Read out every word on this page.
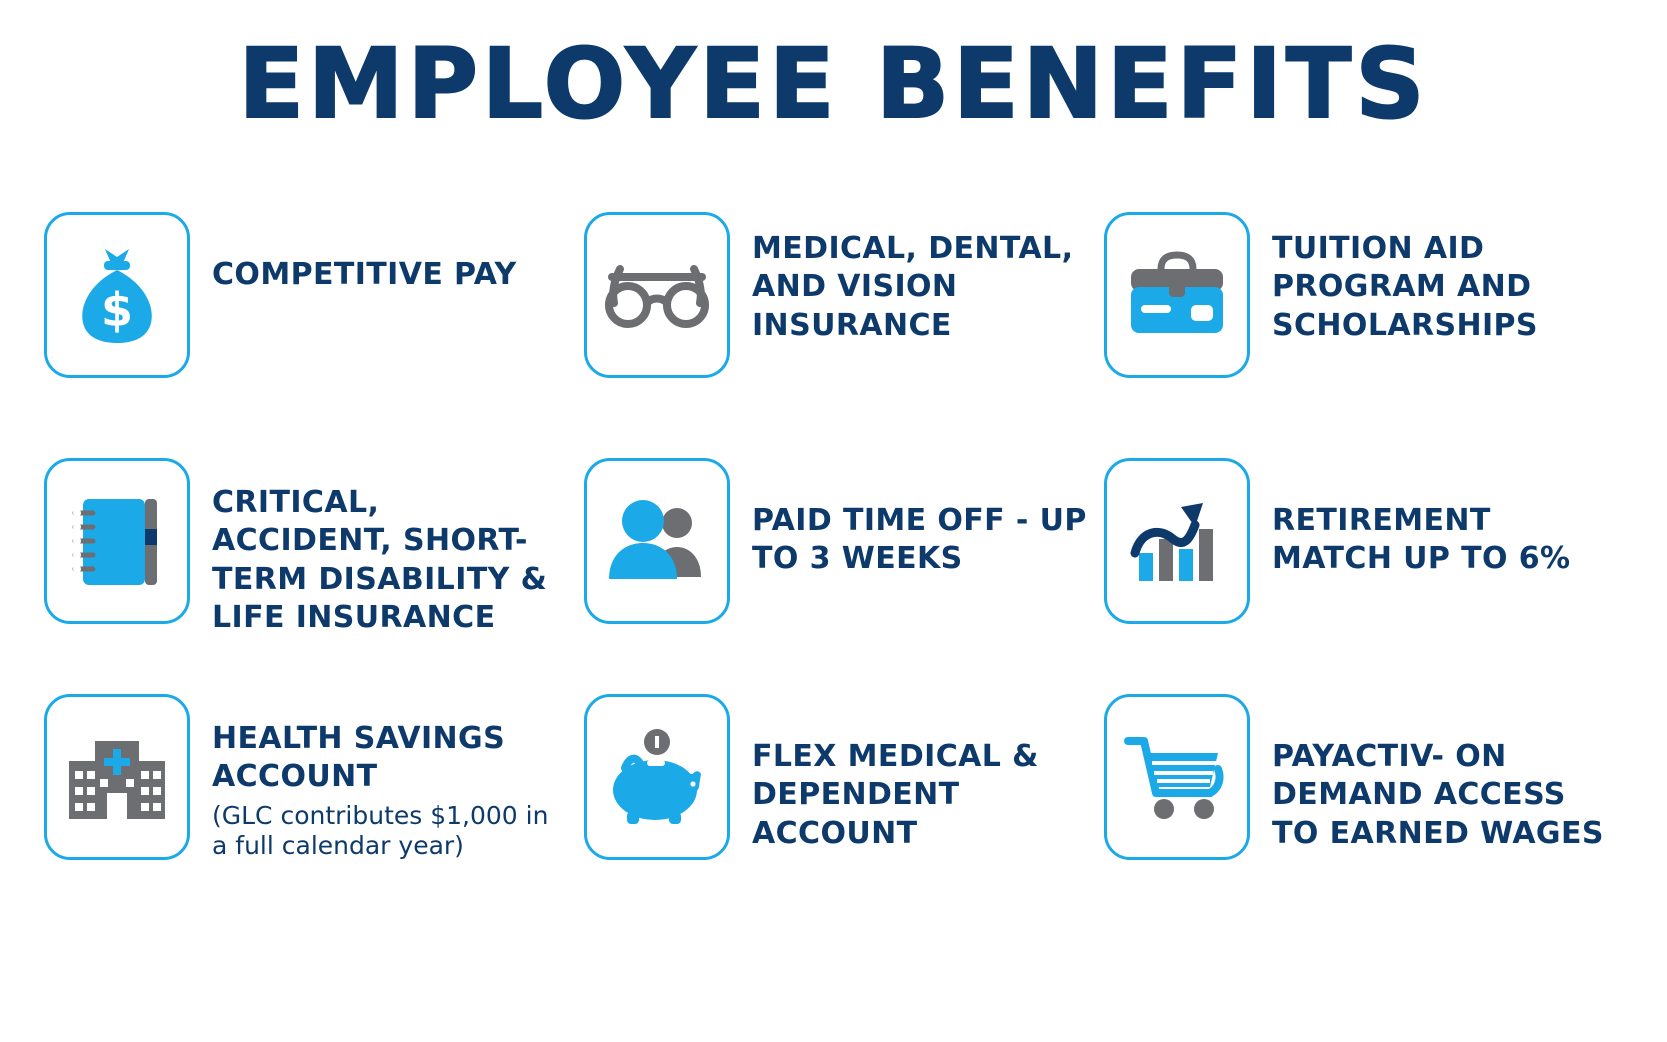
EMPLOYEE BENEFITS
$
COMPETITIVE PAY
MEDICAL, DENTAL, AND VISION INSURANCE
TUITION AID PROGRAM AND SCHOLARSHIPS
CRITICAL, ACCIDENT, SHORT-TERM DISABILITY & LIFE INSURANCE
PAID TIME OFF - UP TO 3 WEEKS
RETIREMENT MATCH UP TO 6%
HEALTH SAVINGS ACCOUNT
(GLC contributes $1,000 in a full calendar year)
FLEX MEDICAL & DEPENDENT ACCOUNT
PAYACTIV- ON DEMAND ACCESS TO EARNED WAGES
